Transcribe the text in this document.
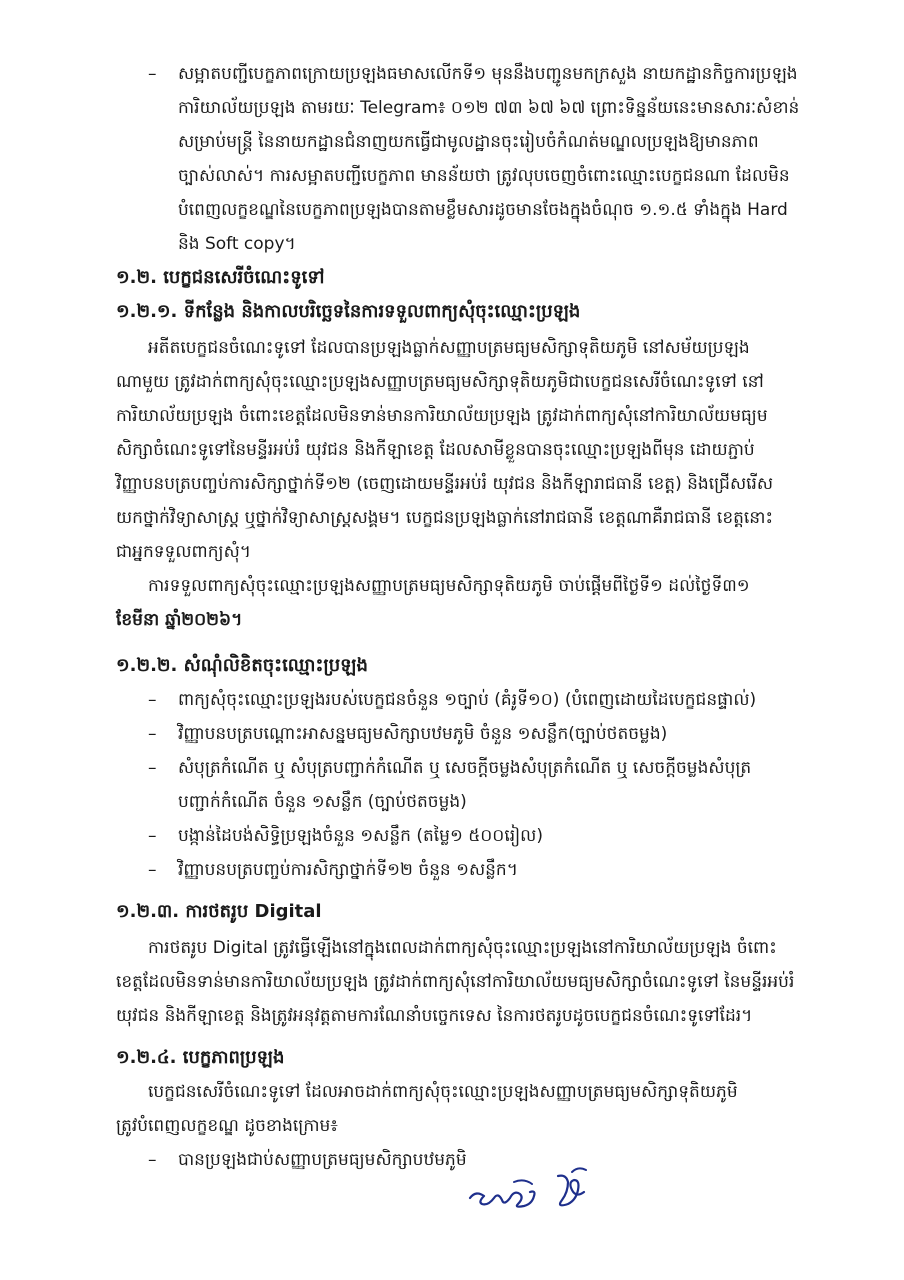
– សម្អាតបញ្ជីបេក្ខភាពក្រោយប្រឡងធមាសលើកទី១ មុននឹងបញ្ជូនមកក្រសួង នាយកដ្ឋានកិច្ចការប្រឡង
ការិយាល័យប្រឡង តាមរយៈ Telegram៖ ០១២ ៧៣ ៦៧ ៦៧ ព្រោះទិន្នន័យនេះមានសារៈសំខាន់
សម្រាប់មន្ត្រី នៃនាយកដ្ឋានជំនាញយកធ្វើជាមូលដ្ឋានចុះរៀបចំកំណត់មណ្ឌលប្រឡងឱ្យមានភាព
ច្បាស់លាស់។ ការសម្អាតបញ្ជីបេក្ខភាព មានន័យថា ត្រូវលុបចេញចំពោះឈ្មោះបេក្ខជនណា ដែលមិន
បំពេញលក្ខខណ្ឌនៃបេក្ខភាពប្រឡងបានតាមខ្លឹមសារដូចមានចែងក្នុងចំណុច ១.១.៥ ទាំងក្នុង Hard
និង Soft copy។
១.២. បេក្ខជនសេរីចំណេះទូទៅ
១.២.១. ទីកន្លែង និងកាលបរិច្ឆេទនៃការទទួលពាក្យសុំចុះឈ្មោះប្រឡង
អតីតបេក្ខជនចំណេះទូទៅ ដែលបានប្រឡងធ្លាក់សញ្ញាបត្រមធ្យមសិក្សាទុតិយភូមិ នៅសម័យប្រឡង
ណាមួយ ត្រូវដាក់ពាក្យសុំចុះឈ្មោះប្រឡងសញ្ញាបត្រមធ្យមសិក្សាទុតិយភូមិជាបេក្ខជនសេរីចំណេះទូទៅ នៅ
ការិយាល័យប្រឡង ចំពោះខេត្តដែលមិនទាន់មានការិយាល័យប្រឡង ត្រូវដាក់ពាក្យសុំនៅការិយាល័យមធ្យម
សិក្សាចំណេះទូទៅនៃមន្ទីរអប់រំ យុវជន និងកីឡាខេត្ត ដែលសាមីខ្លួនបានចុះឈ្មោះប្រឡងពីមុន ដោយភ្ជាប់
វិញ្ញាបនបត្របញ្ចប់ការសិក្សាថ្នាក់ទី១២ (ចេញដោយមន្ទីរអប់រំ យុវជន និងកីឡារាជធានី ខេត្ត) និងជ្រើសរើស
យកថ្នាក់វិទ្យាសាស្ត្រ ឬថ្នាក់វិទ្យាសាស្ត្រសង្គម។ បេក្ខជនប្រឡងធ្លាក់នៅរាជធានី ខេត្តណាគឺរាជធានី ខេត្តនោះ
ជាអ្នកទទួលពាក្យសុំ។
ការទទួលពាក្យសុំចុះឈ្មោះប្រឡងសញ្ញាបត្រមធ្យមសិក្សាទុតិយភូមិ ចាប់ផ្តើមពីថ្ងៃទី១ ដល់ថ្ងៃទី៣១
ខែមីនា ឆ្នាំ២០២៦។
១.២.២. សំណុំលិខិតចុះឈ្មោះប្រឡង
– ពាក្យសុំចុះឈ្មោះប្រឡងរបស់បេក្ខជនចំនួន ១ច្បាប់ (គំរូទី១០) (បំពេញដោយដៃបេក្ខជនផ្ទាល់)
– វិញ្ញាបនបត្របណ្តោះអាសន្នមធ្យមសិក្សាបឋមភូមិ ចំនួន ១សន្លឹក(ច្បាប់ថតចម្លង)
– សំបុត្រកំណើត ឬ សំបុត្របញ្ជាក់កំណើត ឬ សេចក្តីចម្លងសំបុត្រកំណើត ឬ សេចក្តីចម្លងសំបុត្រ
បញ្ជាក់កំណើត ចំនួន ១សន្លឹក (ច្បាប់ថតចម្លង)
– បង្កាន់ដៃបង់សិទ្ធិប្រឡងចំនួន ១សន្លឹក (តម្លៃ១ ៥០០រៀល)
– វិញ្ញាបនបត្របញ្ចប់ការសិក្សាថ្នាក់ទី១២ ចំនួន ១សន្លឹក។
១.២.៣. ការថតរូប Digital
ការថតរូប Digital ត្រូវធ្វើឡើងនៅក្នុងពេលដាក់ពាក្យសុំចុះឈ្មោះប្រឡងនៅការិយាល័យប្រឡង ចំពោះ
ខេត្តដែលមិនទាន់មានការិយាល័យប្រឡង ត្រូវដាក់ពាក្យសុំនៅការិយាល័យមធ្យមសិក្សាចំណេះទូទៅ នៃមន្ទីរអប់រំ
យុវជន និងកីឡាខេត្ត និងត្រូវអនុវត្តតាមការណែនាំបច្ចេកទេស នៃការថតរូបដូចបេក្ខជនចំណេះទូទៅដែរ។
១.២.៤. បេក្ខភាពប្រឡង
បេក្ខជនសេរីចំណេះទូទៅ ដែលអាចដាក់ពាក្យសុំចុះឈ្មោះប្រឡងសញ្ញាបត្រមធ្យមសិក្សាទុតិយភូមិ
ត្រូវបំពេញលក្ខខណ្ឌ ដូចខាងក្រោម៖
– បានប្រឡងជាប់សញ្ញាបត្រមធ្យមសិក្សាបឋមភូមិ
